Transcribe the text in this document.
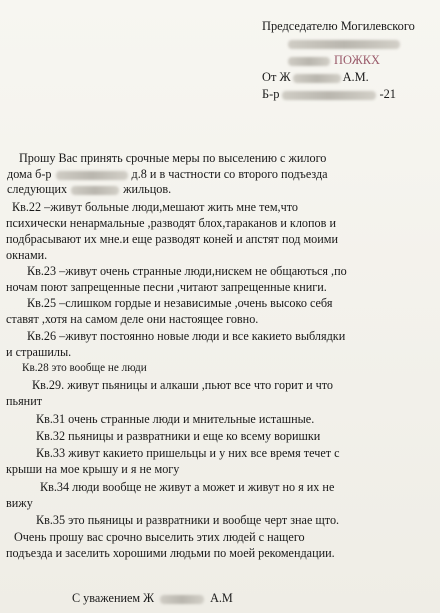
Председателю Могилевского

ПОЖКХ

От Ж	А.М.

Б-р	-21

Прошу Вас принять срочные меры по выселению с жилого

дома б-р	д.8 и в частности со второго подъезда

следующих	жильцов.

Кв.22 –живут больные люди,мешают жить мне тем,что

психически ненармальные ,разводят блох,тараканов и клопов и

подбрасывают их мне.и еще разводят коней и апстят под моими

окнами.

Кв.23 –живут очень странные люди,нискем не общаються ,по

ночам поют запрещенные песни ,читают запрещенные книги.

Кв.25 –слишком гордые и независимые ,очень высоко себя

ставят ,хотя на самом деле они настоящее говно.

Кв.26 –живут постоянно новые люди и все какието выблядки

и страшилы.

Кв.28 это вообще не люди

Кв.29. живут пьяницы и алкаши ,пьют все что горит и что

пьянит

Кв.31 очень странные люди и мнительные исташные.

Кв.32 пьяницы и развратники и еще ко всему воришки

Кв.33 живут какието пришельцы и у них все время течет с

крыши на мое крышу и я не могу

Кв.34 люди вообще не живут а может и живут но я их не

вижу

Кв.35 это пьяницы и развратники и вообще черт знае щто.

Очень прошу вас срочно выселить этих людей с нащего

подъезда и заселить хорошими людьми по моей рекомендации.

С уважением Ж	А.М
